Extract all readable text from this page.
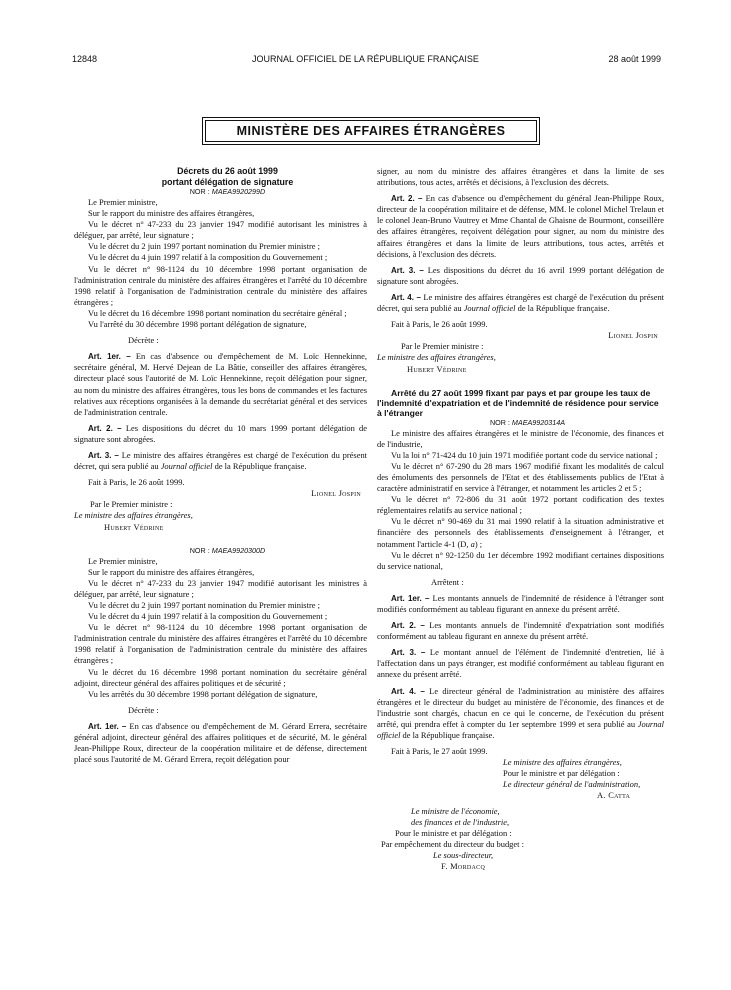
JOURNAL OFFICIEL DE LA RÉPUBLIQUE FRANÇAISE
12848	28 août 1999
MINISTÈRE DES AFFAIRES ÉTRANGÈRES

Décrets du 26 août 1999

portant délégation de signature

NOR : MAEA9920299D

Le Premier ministre,

Sur le rapport du ministre des affaires étrangères,

Vu le décret n° 47-233 du 23 janvier 1947 modifié autorisant les ministres à déléguer, par arrêté, leur signature ;

Vu le décret du 2 juin 1997 portant nomination du Premier ministre ;

Vu le décret du 4 juin 1997 relatif à la composition du Gouvernement ;

Vu le décret n° 98-1124 du 10 décembre 1998 portant organisation de l'administration centrale du ministère des affaires étrangères et l'arrêté du 10 décembre 1998 relatif à l'organisation de l'administration centrale du ministère des affaires étrangères ;

Vu le décret du 16 décembre 1998 portant nomination du secrétaire général ;

Vu l'arrêté du 30 décembre 1998 portant délégation de signature,

Décrète :

Art. 1er. – En cas d'absence ou d'empêchement de M. Loïc Hennekinne, secrétaire général, M. Hervé Dejean de La Bâtie, conseiller des affaires étrangères, directeur placé sous l'autorité de M. Loïc Hennekinne, reçoit délégation pour signer, au nom du ministre des affaires étrangères, tous les bons de commandes et les factures relatives aux réceptions organisées à la demande du secrétariat général et des services de l'administration centrale.

Art. 2. – Les dispositions du décret du 10 mars 1999 portant délégation de signature sont abrogées.

Art. 3. – Le ministre des affaires étrangères est chargé de l'exécution du présent décret, qui sera publié au Journal officiel de la République française.

Fait à Paris, le 26 août 1999.

Lionel Jospin

Par le Premier ministre :

Le ministre des affaires étrangères,

Hubert Védrine

NOR : MAEA9920300D

Le Premier ministre,

Sur le rapport du ministre des affaires étrangères,

Vu le décret n° 47-233 du 23 janvier 1947 modifié autorisant les ministres à déléguer, par arrêté, leur signature ;

Vu le décret du 2 juin 1997 portant nomination du Premier ministre ;

Vu le décret du 4 juin 1997 relatif à la composition du Gouvernement ;

Vu le décret n° 98-1124 du 10 décembre 1998 portant organisation de l'administration centrale du ministère des affaires étrangères et l'arrêté du 10 décembre 1998 relatif à l'organisation de l'administration centrale du ministère des affaires étrangères ;

Vu le décret du 16 décembre 1998 portant nomination du secrétaire général adjoint, directeur général des affaires politiques et de sécurité ;

Vu les arrêtés du 30 décembre 1998 portant délégation de signature,

Décrète :

Art. 1er. – En cas d'absence ou d'empêchement de M. Gérard Errera, secrétaire général adjoint, directeur général des affaires politiques et de sécurité, M. le général Jean-Philippe Roux, directeur de la coopération militaire et de défense, directement placé sous l'autorité de M. Gérard Errera, reçoit délégation pour

signer, au nom du ministre des affaires étrangères et dans la limite de ses attributions, tous actes, arrêtés et décisions, à l'exclusion des décrets.

Art. 2. – En cas d'absence ou d'empêchement du général Jean-Philippe Roux, directeur de la coopération militaire et de défense, MM. le colonel Michel Trelaun et le colonel Jean-Bruno Vautrey et Mme Chantal de Ghaisne de Bourmont, conseillère des affaires étrangères, reçoivent délégation pour signer, au nom du ministre des affaires étrangères et dans la limite de leurs attributions, tous actes, arrêtés et décisions, à l'exclusion des décrets.

Art. 3. – Les dispositions du décret du 16 avril 1999 portant délégation de signature sont abrogées.

Art. 4. – Le ministre des affaires étrangères est chargé de l'exécution du présent décret, qui sera publié au Journal officiel de la République française.

Fait à Paris, le 26 août 1999.

Lionel Jospin

Par le Premier ministre :

Le ministre des affaires étrangères,

Hubert Védrine

Arrêté du 27 août 1999 fixant par pays et par groupe les taux de l'indemnité d'expatriation et de l'indemnité de résidence pour service à l'étranger

NOR : MAEA9920314A

Le ministre des affaires étrangères et le ministre de l'économie, des finances et de l'industrie,

Vu la loi n° 71-424 du 10 juin 1971 modifiée portant code du service national ;

Vu le décret n° 67-290 du 28 mars 1967 modifié fixant les modalités de calcul des émoluments des personnels de l'Etat et des établissements publics de l'Etat à caractère administratif en service à l'étranger, et notamment les articles 2 et 5 ;

Vu le décret n° 72-806 du 31 août 1972 portant codification des textes réglementaires relatifs au service national ;

Vu le décret n° 90-469 du 31 mai 1990 relatif à la situation administrative et financière des personnels des établissements d'enseignement à l'étranger, et notamment l'article 4-1 (D, a) ;

Vu le décret n° 92-1250 du 1er décembre 1992 modifiant certaines dispositions du service national,

Arrêtent :

Art. 1er. – Les montants annuels de l'indemnité de résidence à l'étranger sont modifiés conformément au tableau figurant en annexe du présent arrêté.

Art. 2. – Les montants annuels de l'indemnité d'expatriation sont modifiés conformément au tableau figurant en annexe du présent arrêté.

Art. 3. – Le montant annuel de l'élément de l'indemnité d'entretien, lié à l'affectation dans un pays étranger, est modifié conformément au tableau figurant en annexe du présent arrêté.

Art. 4. – Le directeur général de l'administration au ministère des affaires étrangères et le directeur du budget au ministère de l'économie, des finances et de l'industrie sont chargés, chacun en ce qui le concerne, de l'exécution du présent arrêté, qui prendra effet à compter du 1er septembre 1999 et sera publié au Journal officiel de la République française.

Fait à Paris, le 27 août 1999.

Le ministre des affaires étrangères,

Pour le ministre et par délégation :

Le directeur général de l'administration,

A. Catta

Le ministre de l'économie,

des finances et de l'industrie,

Pour le ministre et par délégation :

Par empêchement du directeur du budget :

Le sous-directeur,

F. Mordacq
